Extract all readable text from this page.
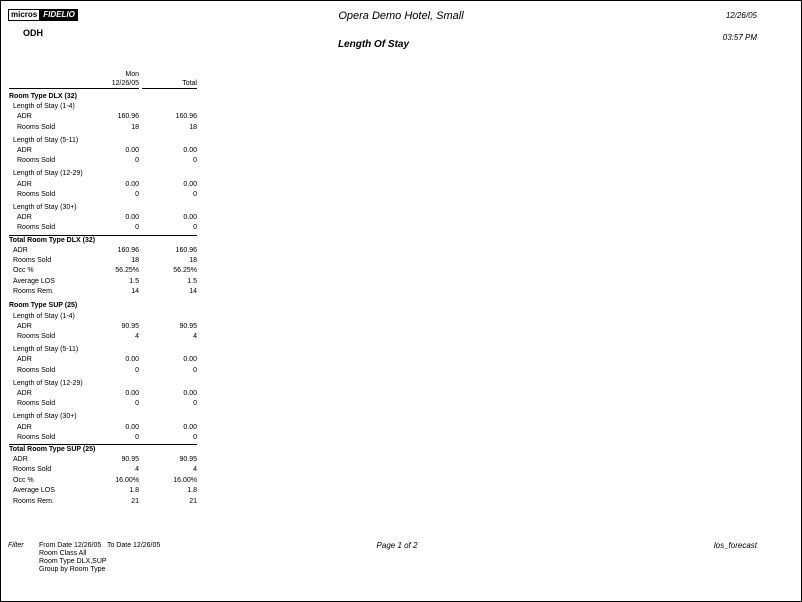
micros FIDELIO	Opera Demo Hotel, Small	12/26/05
ODH
Length Of Stay
03:57 PM
Mon
12/26/05	Total
Room Type DLX (32)
Length of Stay (1-4)
ADR	160.96	160.96
Rooms Sold	18	18
Length of Stay (5-11)
ADR	0.00	0.00
Rooms Sold	0	0
Length of Stay (12-29)
ADR	0.00	0.00
Rooms Sold	0	0
Length of Stay (30+)
ADR	0.00	0.00
Rooms Sold	0	0
Total Room Type DLX (32)
ADR	160.96	160.96
Rooms Sold	18	18
Occ %	56.25%	56.25%
Average LOS	1.5	1.5
Rooms Rem.	14	14
Room Type SUP (25)
Length of Stay (1-4)
ADR	90.95	90.95
Rooms Sold	4	4
Length of Stay (5-11)
ADR	0.00	0.00
Rooms Sold	0	0
Length of Stay (12-29)
ADR	0.00	0.00
Rooms Sold	0	0
Length of Stay (30+)
ADR	0.00	0.00
Rooms Sold	0	0
Total Room Type SUP (25)
ADR	90.95	90.95
Rooms Sold	4	4
Occ %	16.00%	16.00%
Average LOS	1.8	1.8
Rooms Rem.	21	21
Filter From Date 12/26/05   To Date 12/26/05
Room Class All
Room Type DLX,SUP
Group by Room Type
Page 1 of 2	los_forecast
